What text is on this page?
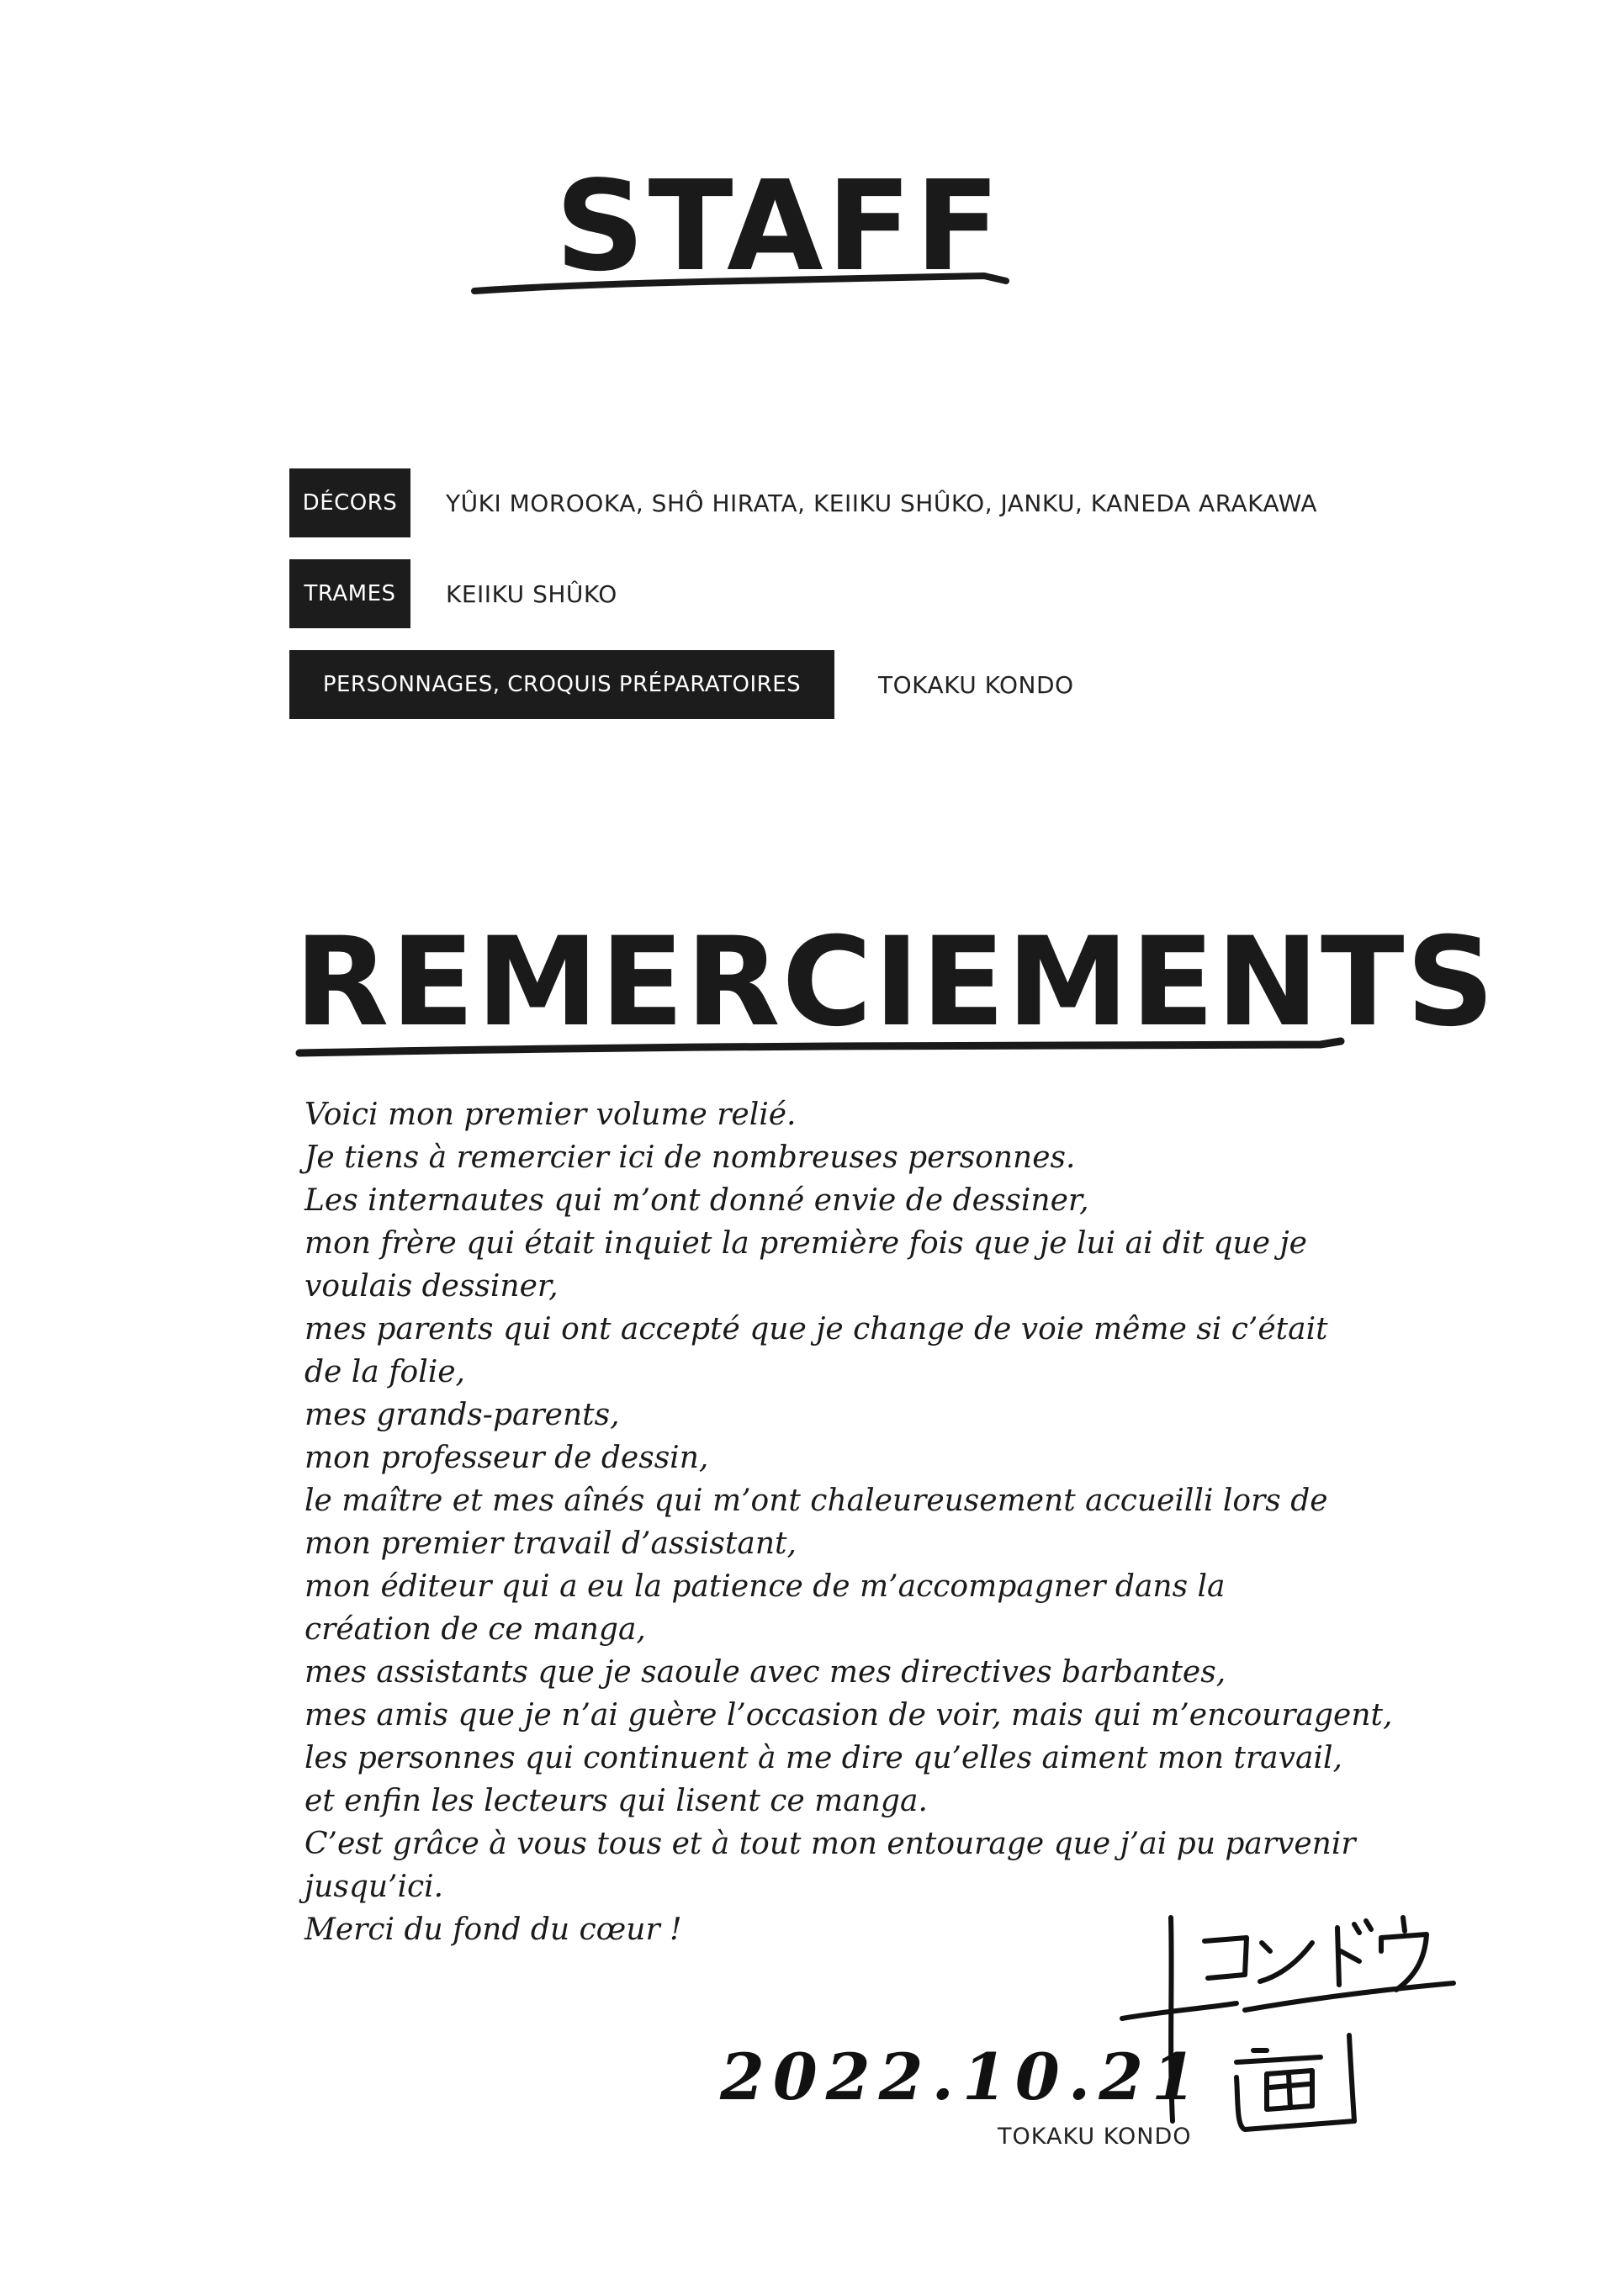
STAFF
DÉCORS	YÛKI MOROOKA, SHÔ HIRATA, KEIIKU SHÛKO, JANKU, KANEDA ARAKAWA
TRAMES	KEIIKU SHÛKO
PERSONNAGES, CROQUIS PRÉPARATOIRES	TOKAKU KONDO
REMERCIEMENTS
Voici mon premier volume relié.
Je tiens à remercier ici de nombreuses personnes.
Les internautes qui m’ont donné envie de dessiner,
mon frère qui était inquiet la première fois que je lui ai dit que je
voulais dessiner,
mes parents qui ont accepté que je change de voie même si c’était
de la folie,
mes grands-parents,
mon professeur de dessin,
le maître et mes aînés qui m’ont chaleureusement accueilli lors de
mon premier travail d’assistant,
mon éditeur qui a eu la patience de m’accompagner dans la
création de ce manga,
mes assistants que je saoule avec mes directives barbantes,
mes amis que je n’ai guère l’occasion de voir, mais qui m’encouragent,
les personnes qui continuent à me dire qu’elles aiment mon travail,
et enfin les lecteurs qui lisent ce manga.
C’est grâce à vous tous et à tout mon entourage que j’ai pu parvenir
jusqu’ici.
Merci du fond du cœur !
2022.10.21
TOKAKU KONDO
